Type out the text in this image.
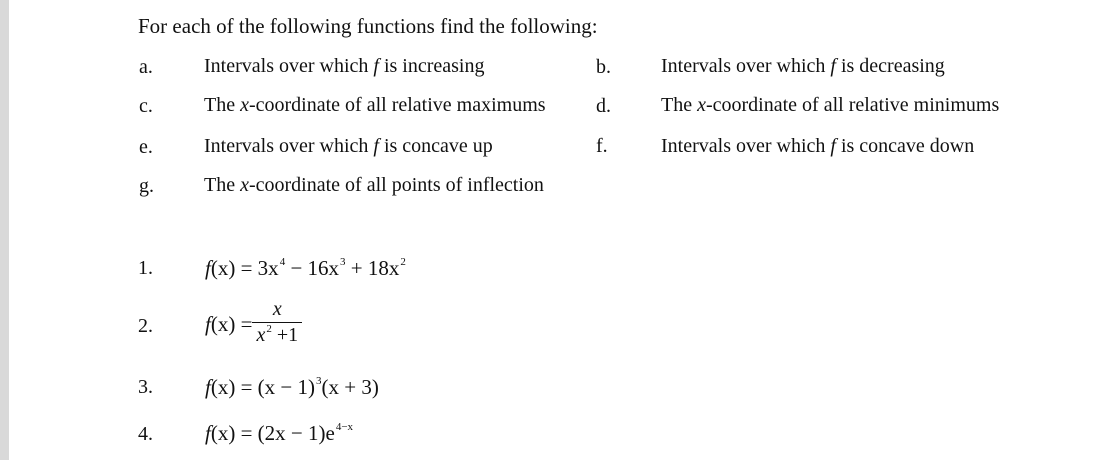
For each of the following functions find the following:
a.	Intervals over which f is increasing	b.	Intervals over which f is decreasing
c.	The x-coordinate of all relative maximums	d.	The x-coordinate of all relative minimums
e.	Intervals over which f is concave up	f.	Intervals over which f is concave down
g.	The x-coordinate of all points of inflection
1. $f(x) = 3x^4 - 16x^3 + 18x^2$
2. $f(x) = \frac{x}{x^2 +1}$
3. $f(x) = (x - 1)^3(x + 3)$
4. $f(x) = (2x - 1)e^{4-x}$
